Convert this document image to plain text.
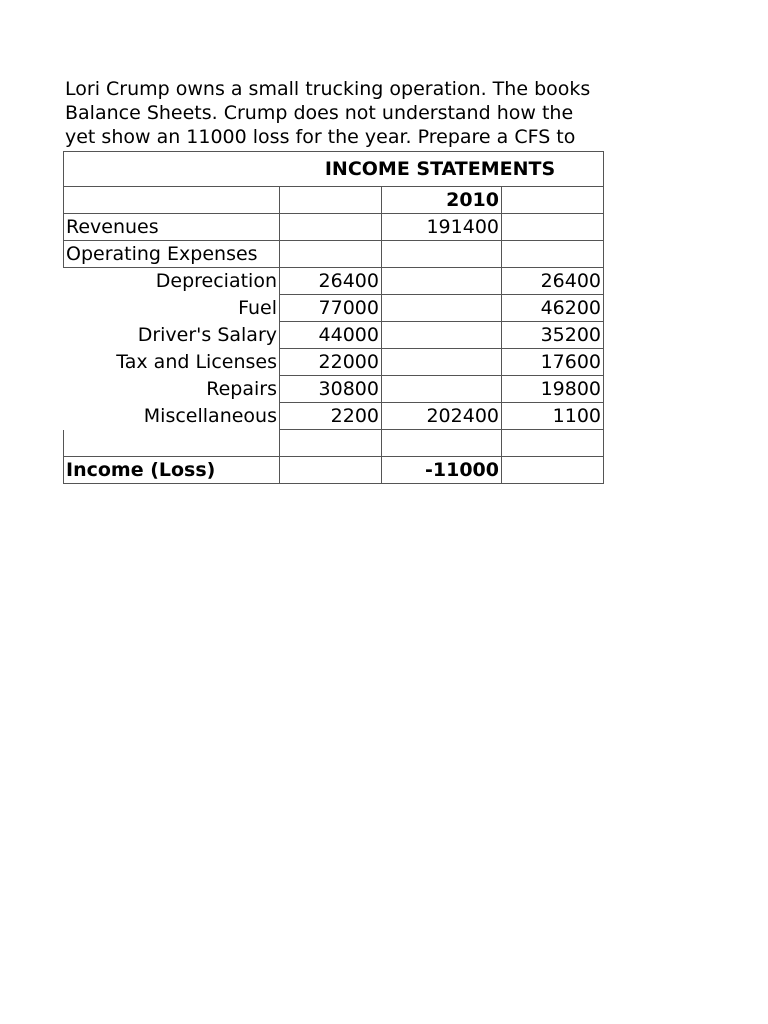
Lori Crump owns a small trucking operation. The books
Balance Sheets. Crump does not understand how the
yet show an 11000 loss for the year. Prepare a CFS to
INCOME STATEMENTS				
		2010		
Revenues		191400		
Operating Expenses				
Depreciation	26400		26400	
Fuel	77000		46200	
Driver's Salary	44000		35200	
Tax and Licenses	22000		17600	
Repairs	30800		19800	
Miscellaneous	2200	202400	1100	

Income (Loss)		-11000		
